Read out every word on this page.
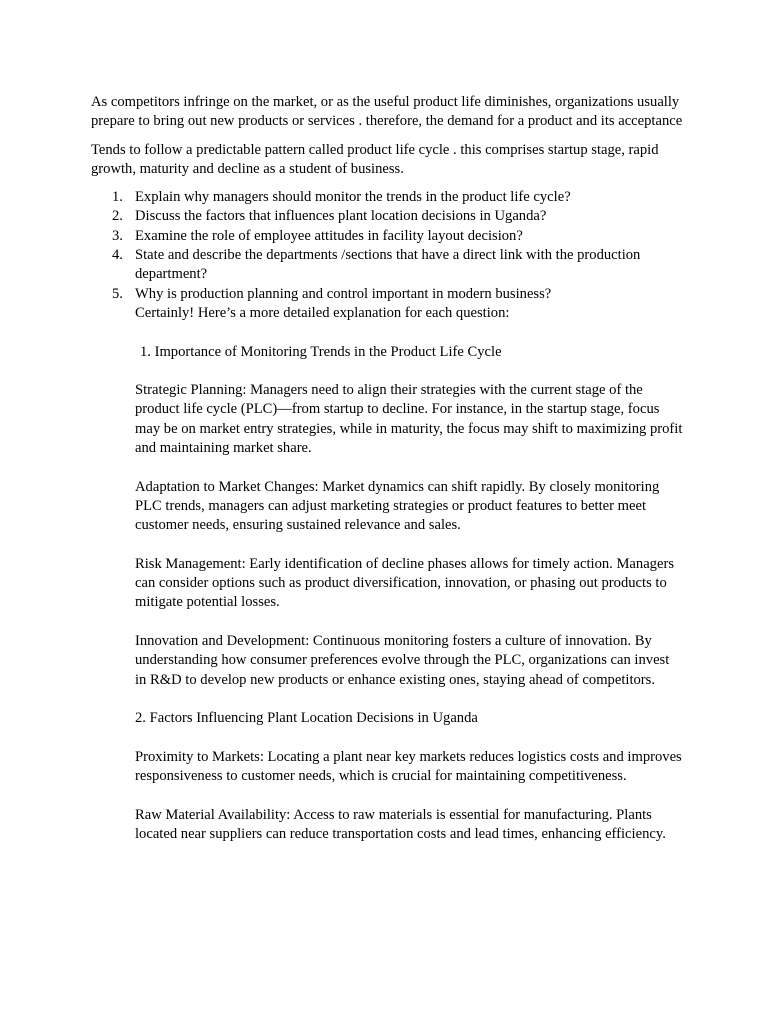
As competitors infringe on the market, or as the useful product life diminishes, organizations usually prepare to bring out new products or services . therefore, the demand for a product and its acceptance

Tends to follow a predictable pattern called product life cycle . this comprises startup stage, rapid growth, maturity and decline as a student of business.

1. Explain why managers should monitor the trends in the product life cycle?
2. Discuss the factors that influences plant location decisions in Uganda?
3. Examine the role of employee attitudes in facility layout decision?
4. State and describe the departments /sections that have a direct link with the production department?
5. Why is production planning and control important in modern business?

Certainly! Here’s a more detailed explanation for each question:

1. Importance of Monitoring Trends in the Product Life Cycle

Strategic Planning: Managers need to align their strategies with the current stage of the product life cycle (PLC)—from startup to decline. For instance, in the startup stage, focus may be on market entry strategies, while in maturity, the focus may shift to maximizing profit and maintaining market share.

Adaptation to Market Changes: Market dynamics can shift rapidly. By closely monitoring PLC trends, managers can adjust marketing strategies or product features to better meet customer needs, ensuring sustained relevance and sales.

Risk Management: Early identification of decline phases allows for timely action. Managers can consider options such as product diversification, innovation, or phasing out products to mitigate potential losses.

Innovation and Development: Continuous monitoring fosters a culture of innovation. By understanding how consumer preferences evolve through the PLC, organizations can invest in R&D to develop new products or enhance existing ones, staying ahead of competitors.

2. Factors Influencing Plant Location Decisions in Uganda

Proximity to Markets: Locating a plant near key markets reduces logistics costs and improves responsiveness to customer needs, which is crucial for maintaining competitiveness.

Raw Material Availability: Access to raw materials is essential for manufacturing. Plants located near suppliers can reduce transportation costs and lead times, enhancing efficiency.
